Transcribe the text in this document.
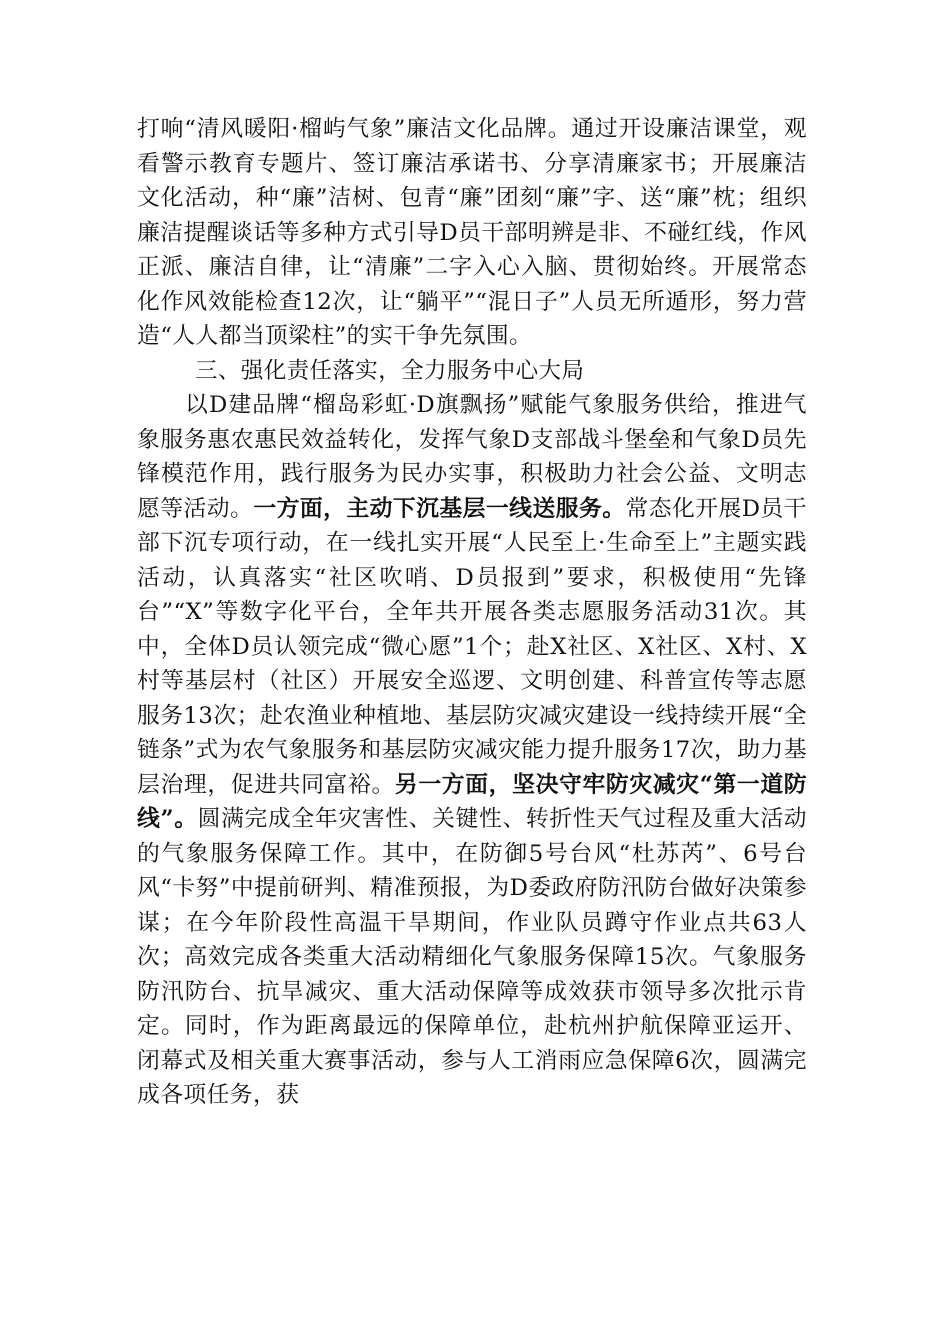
打响“清风暖阳·榴屿气象”廉洁文化品牌。通过开设廉洁课堂，观看警示教育专题片、签订廉洁承诺书、分享清廉家书；开展廉洁文化活动，种“廉”洁树、包青“廉”团刻“廉”字、送“廉”枕；组织廉洁提醒谈话等多种方式引导D员干部明辨是非、不碰红线，作风正派、廉洁自律，让“清廉”二字入心入脑、贯彻始终。开展常态化作风效能检查12次，让“躺平”“混日子”人员无所遁形，努力营造“人人都当顶梁柱”的实干争先氛围。

三、强化责任落实，全力服务中心大局

以D建品牌“榴岛彩虹·D旗飘扬”赋能气象服务供给，推进气象服务惠农惠民效益转化，发挥气象D支部战斗堡垒和气象D员先锋模范作用，践行服务为民办实事，积极助力社会公益、文明志愿等活动。一方面，主动下沉基层一线送服务。常态化开展D员干部下沉专项行动，在一线扎实开展“人民至上·生命至上”主题实践活动，认真落实“社区吹哨、D员报到”要求，积极使用“先锋台”“X”等数字化平台，全年共开展各类志愿服务活动31次。其中，全体D员认领完成“微心愿”1个；赴X社区、X社区、X村、X村等基层村（社区）开展安全巡逻、文明创建、科普宣传等志愿服务13次；赴农渔业种植地、基层防灾减灾建设一线持续开展“全链条”式为农气象服务和基层防灾减灾能力提升服务17次，助力基层治理，促进共同富裕。另一方面，坚决守牢防灾减灾“第一道防线”。圆满完成全年灾害性、关键性、转折性天气过程及重大活动的气象服务保障工作。其中，在防御5号台风“杜苏芮”、6号台风“卡努”中提前研判、精准预报，为D委政府防汛防台做好决策参谋；在今年阶段性高温干旱期间，作业队员蹲守作业点共63人次；高效完成各类重大活动精细化气象服务保障15次。气象服务防汛防台、抗旱减灾、重大活动保障等成效获市领导多次批示肯定。同时，作为距离最远的保障单位，赴杭州护航保障亚运开、闭幕式及相关重大赛事活动，参与人工消雨应急保障6次，圆满完成各项任务，获
